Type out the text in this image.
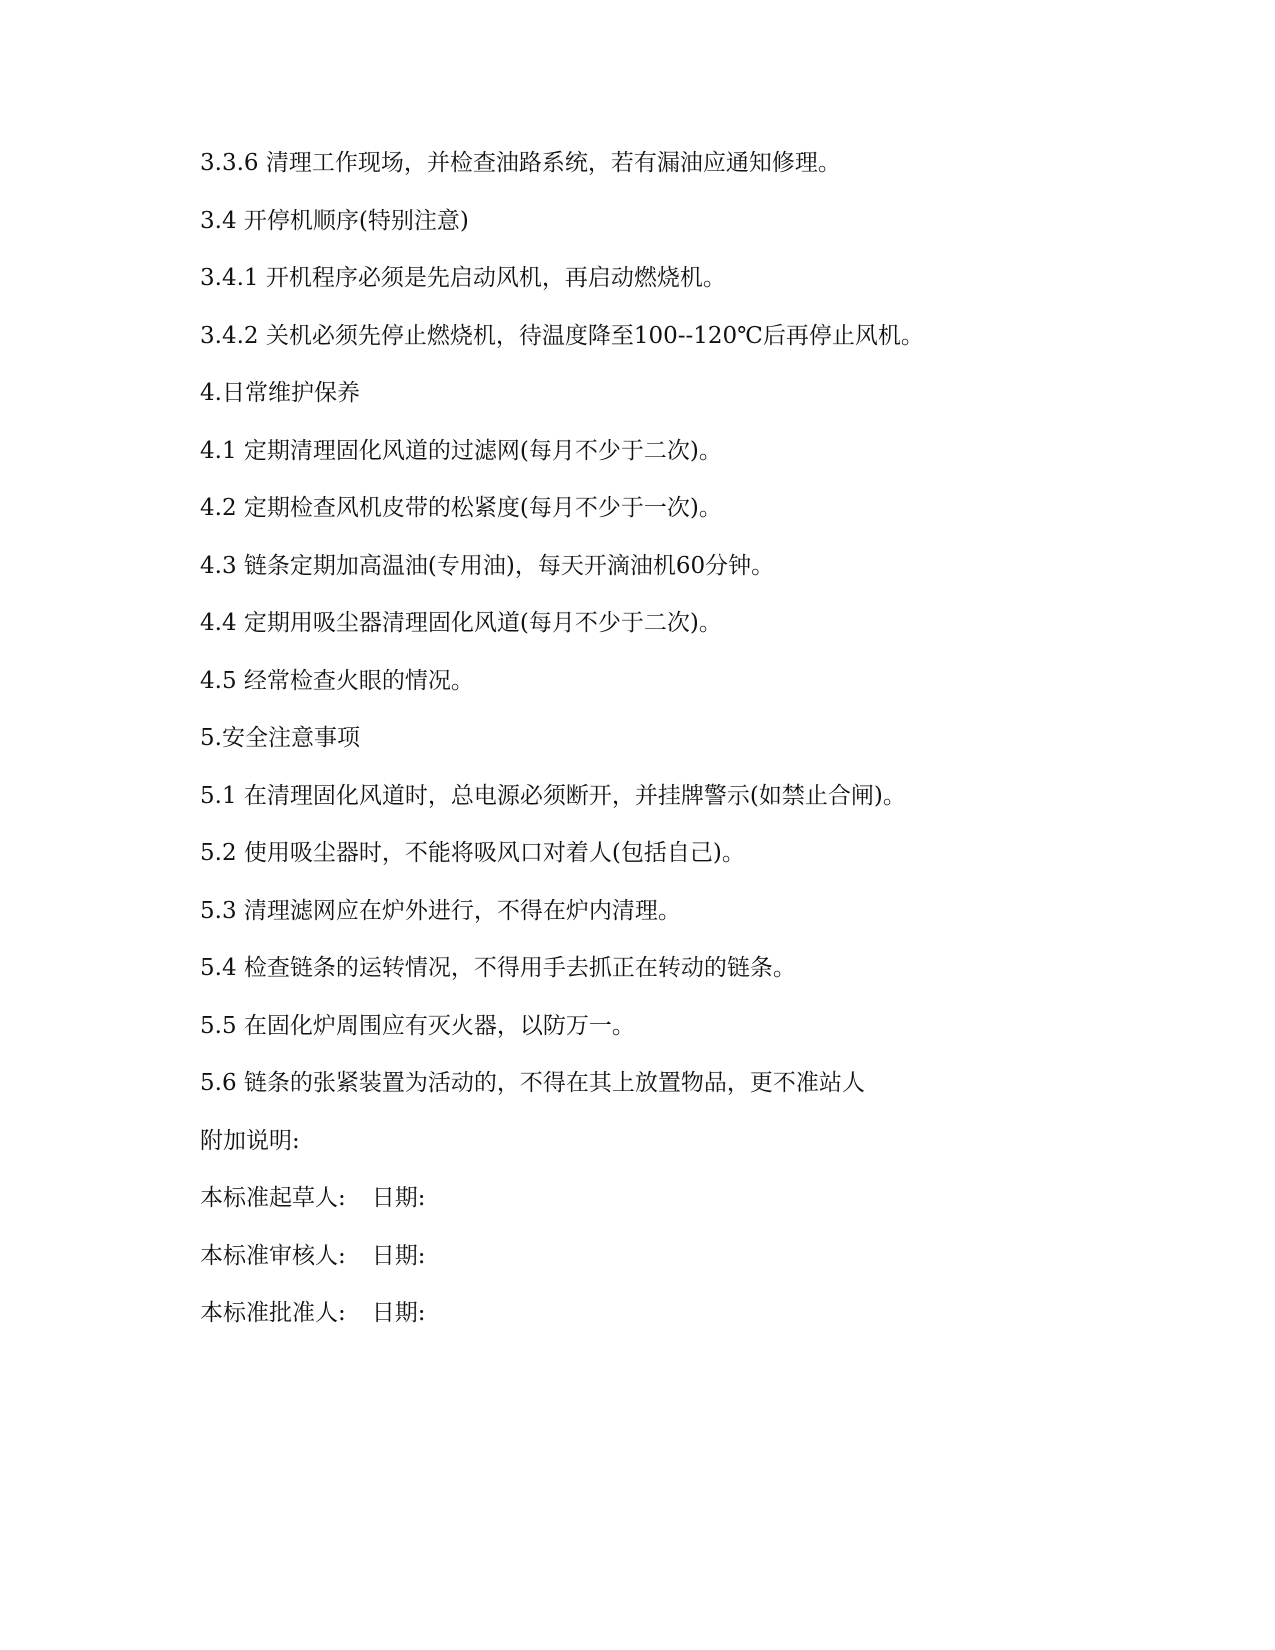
3.3.6 清理工作现场，并检查油路系统，若有漏油应通知修理。
3.4 开停机顺序(特别注意)
3.4.1 开机程序必须是先启动风机，再启动燃烧机。
3.4.2 关机必须先停止燃烧机，待温度降至100--120℃后再停止风机。
4.日常维护保养
4.1 定期清理固化风道的过滤网(每月不少于二次)。
4.2 定期检查风机皮带的松紧度(每月不少于一次)。
4.3 链条定期加高温油(专用油)，每天开滴油机60分钟。
4.4 定期用吸尘器清理固化风道(每月不少于二次)。
4.5 经常检查火眼的情况。
5.安全注意事项
5.1 在清理固化风道时，总电源必须断开，并挂牌警示(如禁止合闸)。
5.2 使用吸尘器时，不能将吸风口对着人(包括自己)。
5.3 清理滤网应在炉外进行，不得在炉内清理。
5.4 检查链条的运转情况，不得用手去抓正在转动的链条。
5.5 在固化炉周围应有灭火器，以防万一。
5.6 链条的张紧装置为活动的，不得在其上放置物品，更不准站人
附加说明:
本标准起草人: 日期:
本标准审核人: 日期:
本标准批准人: 日期:
